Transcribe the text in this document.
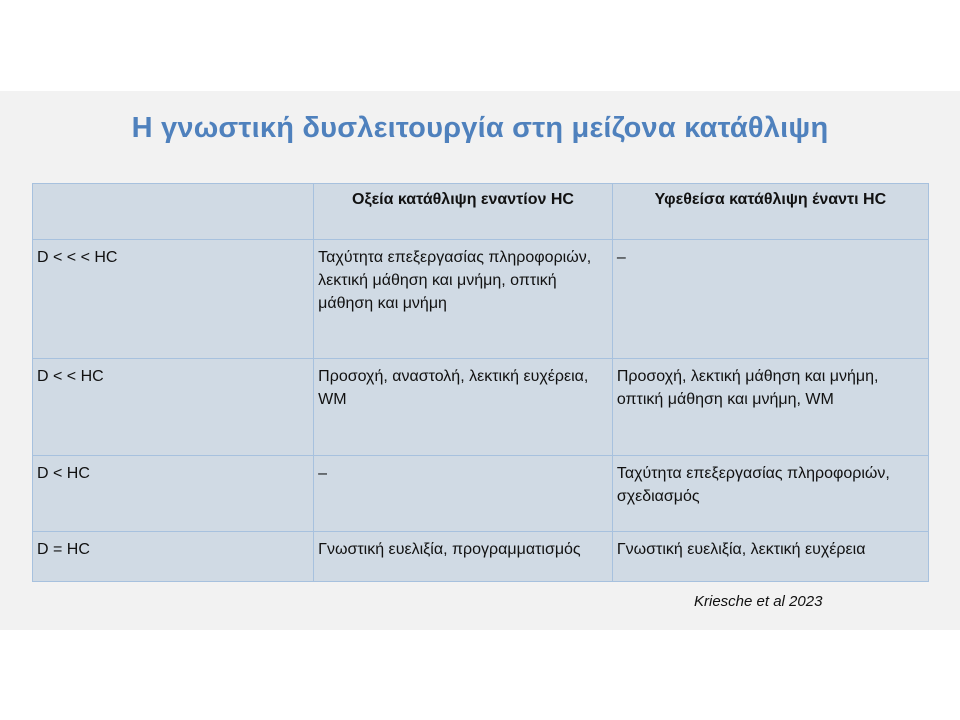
Η γνωστική δυσλειτουργία στη μείζονα κατάθλιψη
	Οξεία κατάθλιψη εναντίον HC	Υφεθείσα κατάθλιψη έναντι HC
D < < < HC	Ταχύτητα επεξεργασίας πληροφοριών, λεκτική μάθηση και μνήμη, οπτική μάθηση και μνήμη	–
D < < HC	Προσοχή, αναστολή, λεκτική ευχέρεια, WM	Προσοχή, λεκτική μάθηση και μνήμη, οπτική μάθηση και μνήμη, WM
D < HC	–	Ταχύτητα επεξεργασίας πληροφοριών, σχεδιασμός
D = HC	Γνωστική ευελιξία, προγραμματισμός	Γνωστική ευελιξία, λεκτική ευχέρεια
Kriesche et al 2023
